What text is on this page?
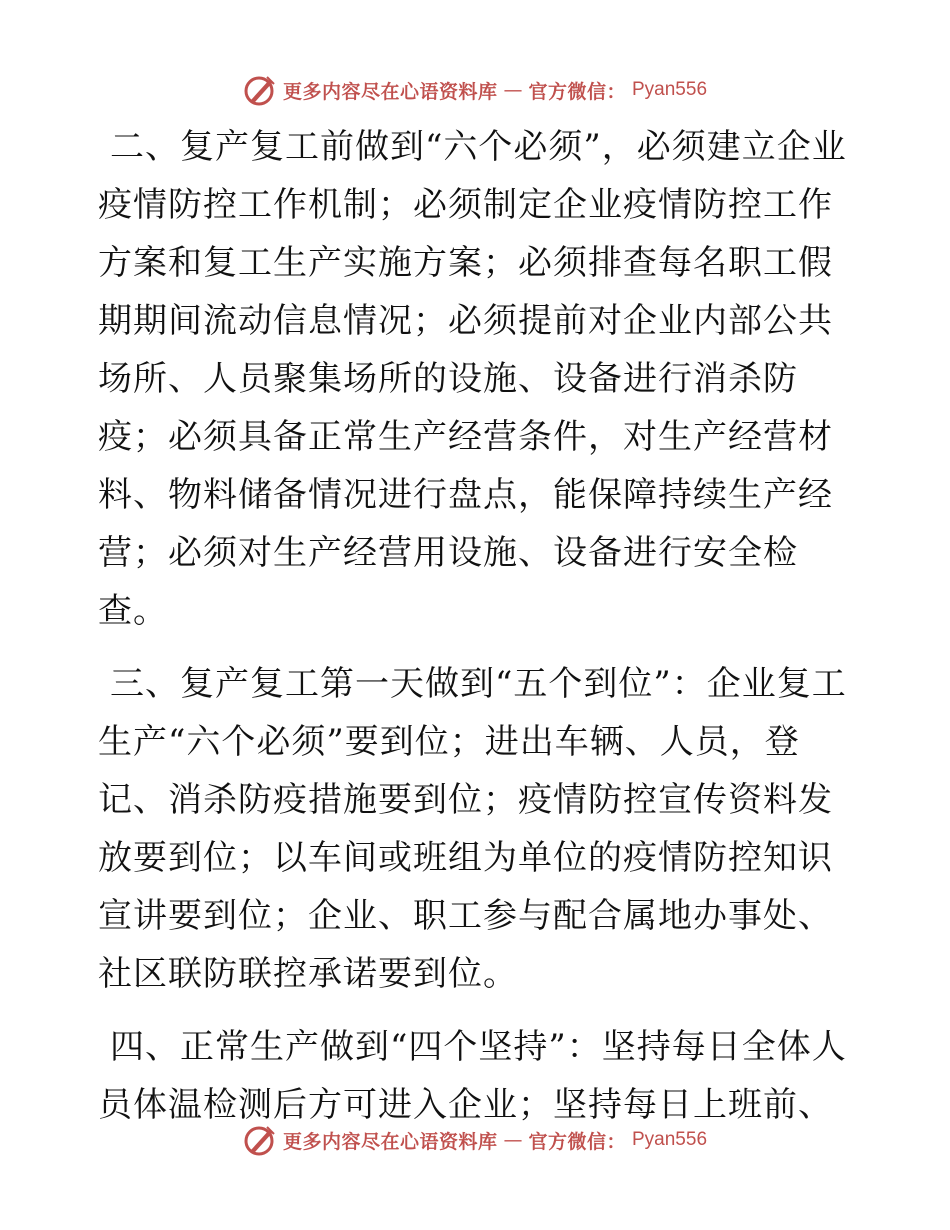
更多内容尽在心语资料库 — 官方微信： Pyan556

二、复产复工前做到“六个必须”，必须建立企业疫情防控工作机制；必须制定企业疫情防控工作方案和复工生产实施方案；必须排查每名职工假期期间流动信息情况；必须提前对企业内部公共场所、人员聚集场所的设施、设备进行消杀防疫；必须具备正常生产经营条件，对生产经营材料、物料储备情况进行盘点，能保障持续生产经营；必须对生产经营用设施、设备进行安全检查。

三、复产复工第一天做到“五个到位”：企业复工生产“六个必须”要到位；进出车辆、人员，登记、消杀防疫措施要到位；疫情防控宣传资料发放要到位；以车间或班组为单位的疫情防控知识宣讲要到位；企业、职工参与配合属地办事处、社区联防联控承诺要到位。

四、正常生产做到“四个坚持”：坚持每日全体人员体温检测后方可进入企业；坚持每日上班前、

更多内容尽在心语资料库 — 官方微信： Pyan556
